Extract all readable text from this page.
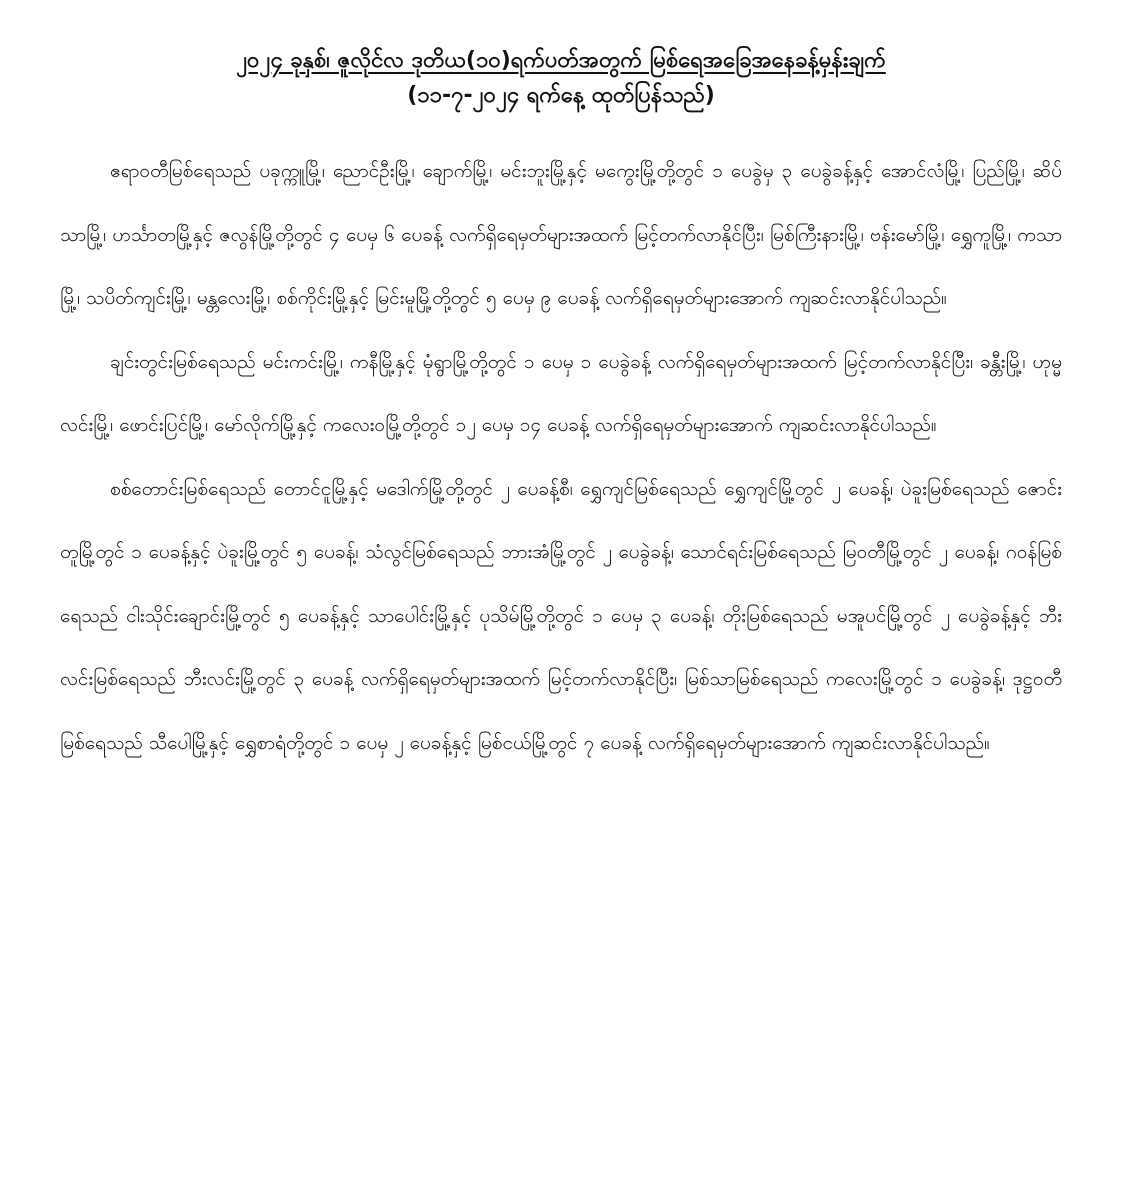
၂၀၂၄ ခုနှစ်၊ ဇူလိုင်လ ဒုတိယ(၁၀)ရက်ပတ်အတွက် မြစ်ရေအခြေအနေခန့်မှန်းချက်
(၁၁-၇-၂၀၂၄ ရက်နေ့ ထုတ်ပြန်သည်)

ဧရာဝတီမြစ်ရေသည် ပခုက္ကူမြို့၊ ညောင်ဦးမြို့၊ ချောက်မြို့၊ မင်းဘူးမြို့နှင့် မကွေးမြို့တို့တွင် ၁ ပေခွဲမှ ၃ ပေခွဲခန့်နှင့် အောင်လံမြို့၊ ပြည်မြို့၊ ဆိပ်သာမြို့၊ ဟင်္သာတမြို့နှင့် ဇလွန်မြို့တို့တွင် ၄ ပေမှ ၆ ပေခန့် လက်ရှိရေမှတ်များအထက် မြင့်တက်လာနိုင်ပြီး၊ မြစ်ကြီးနားမြို့၊ ဗန်းမော်မြို့၊ ရွှေကူမြို့၊ ကသာမြို့၊ သပိတ်ကျင်းမြို့၊ မန္တလေးမြို့၊ စစ်ကိုင်းမြို့နှင့် မြင်းမူမြို့တို့တွင် ၅ ပေမှ ၉ ပေခန့် လက်ရှိရေမှတ်များအောက် ကျဆင်းလာနိုင်ပါသည်။

ချင်းတွင်းမြစ်ရေသည် မင်းကင်းမြို့၊ ကနီမြို့နှင့် မုံရွာမြို့တို့တွင် ၁ ပေမှ ၁ ပေခွဲခန့် လက်ရှိရေမှတ်များအထက် မြင့်တက်လာနိုင်ပြီး၊ ခန္တီးမြို့၊ ဟုမ္မလင်းမြို့၊ ဖောင်းပြင်မြို့၊ မော်လိုက်မြို့နှင့် ကလေးဝမြို့တို့တွင် ၁၂ ပေမှ ၁၄ ပေခန့် လက်ရှိရေမှတ်များအောက် ကျဆင်းလာနိုင်ပါသည်။

စစ်တောင်းမြစ်ရေသည် တောင်ငူမြို့နှင့် မဒေါက်မြို့တို့တွင် ၂ ပေခန့်စီ၊ ရွှေကျင်မြစ်ရေသည် ရွှေကျင်မြို့တွင် ၂ ပေခန့်၊ ပဲခူးမြစ်ရေသည် ဇောင်းတူမြို့တွင် ၁ ပေခန့်နှင့် ပဲခူးမြို့တွင် ၅ ပေခန့်၊ သံလွင်မြစ်ရေသည် ဘားအံမြို့တွင် ၂ ပေခွဲခန့်၊ သောင်ရင်းမြစ်ရေသည် မြဝတီမြို့တွင် ၂ ပေခန့်၊ ဂဝန်မြစ်ရေသည် ငါးသိုင်းချောင်းမြို့တွင် ၅ ပေခန့်နှင့် သာပေါင်းမြို့နှင့် ပုသိမ်မြို့တို့တွင် ၁ ပေမှ ၃ ပေခန့်၊ တိုးမြစ်ရေသည် မအူပင်မြို့တွင် ၂ ပေခွဲခန့်နှင့် ဘီးလင်းမြစ်ရေသည် ဘီးလင်းမြို့တွင် ၃ ပေခန့် လက်ရှိရေမှတ်များအထက် မြင့်တက်လာနိုင်ပြီး၊ မြစ်သာမြစ်ရေသည် ကလေးမြို့တွင် ၁ ပေခွဲခန့်၊ ဒုဋ္ဌဝတီမြစ်ရေသည် သီပေါမြို့နှင့် ရွှေစာရံတို့တွင် ၁ ပေမှ ၂ ပေခန့်နှင့် မြစ်ငယ်မြို့တွင် ၇ ပေခန့် လက်ရှိရေမှတ်များအောက် ကျဆင်းလာနိုင်ပါသည်။
